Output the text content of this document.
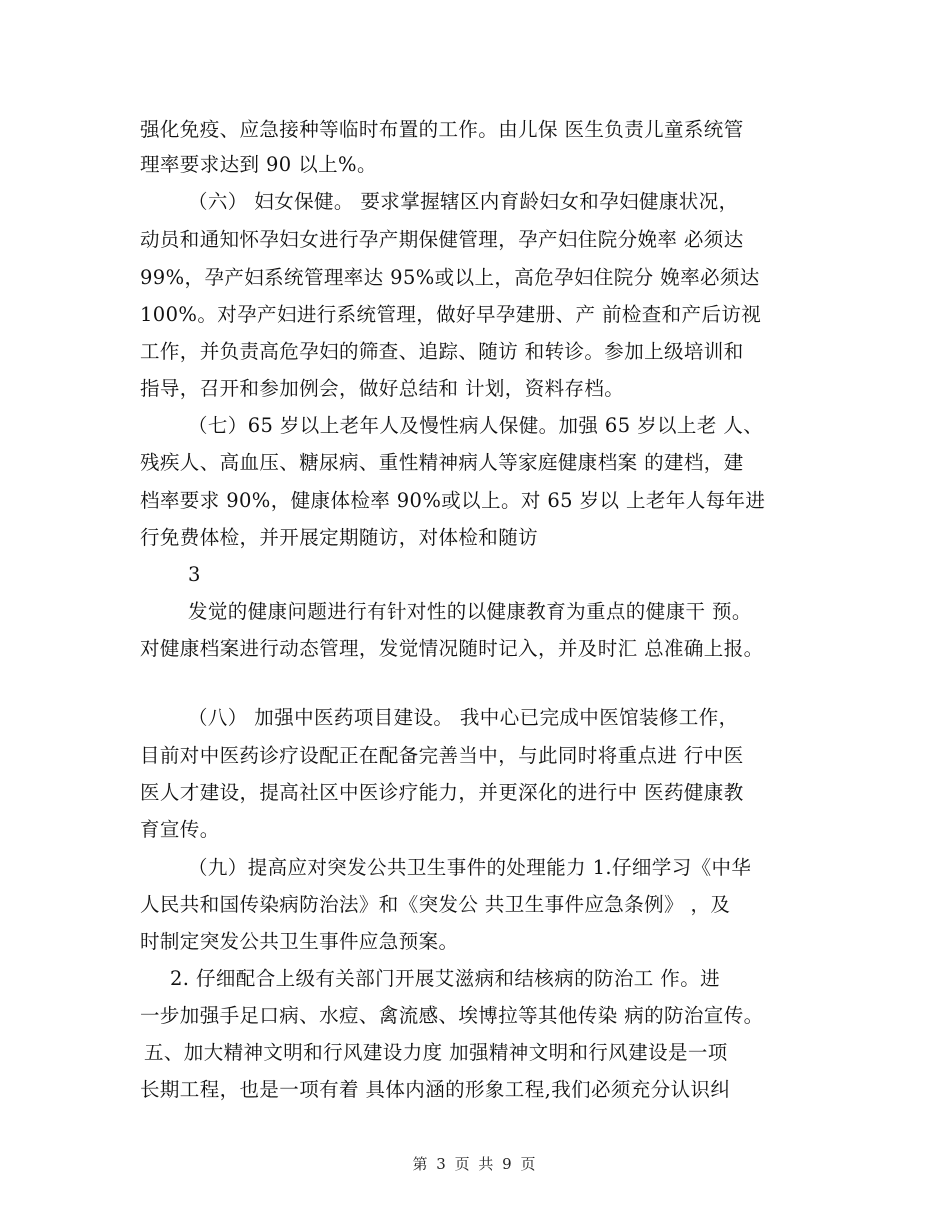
强化免疫、应急接种等临时布置的工作。由儿保 医生负责儿童系统管
理率要求达到 90 以上%。
（六） 妇女保健。 要求掌握辖区内育龄妇女和孕妇健康状况，
动员和通知怀孕妇女进行孕产期保健管理，孕产妇住院分娩率 必须达
99%，孕产妇系统管理率达 95%或以上，高危孕妇住院分 娩率必须达
100%。对孕产妇进行系统管理，做好早孕建册、产 前检查和产后访视
工作，并负责高危孕妇的筛查、追踪、随访 和转诊。参加上级培训和
指导，召开和参加例会，做好总结和 计划，资料存档。
（七）65 岁以上老年人及慢性病人保健。加强 65 岁以上老 人、
残疾人、高血压、糖尿病、重性精神病人等家庭健康档案 的建档，建
档率要求 90%，健康体检率 90%或以上。对 65 岁以 上老年人每年进
行免费体检，并开展定期随访，对体检和随访
3
发觉的健康问题进行有针对性的以健康教育为重点的健康干 预。
对健康档案进行动态管理，发觉情况随时记入，并及时汇 总准确上报。
（八） 加强中医药项目建设。 我中心已完成中医馆装修工作，
目前对中医药诊疗设配正在配备完善当中，与此同时将重点进 行中医
医人才建设，提高社区中医诊疗能力，并更深化的进行中 医药健康教
育宣传。
（九）提高应对突发公共卫生事件的处理能力 1.仔细学习《中华
人民共和国传染病防治法》和《突发公 共卫生事件应急条例》 ，及
时制定突发公共卫生事件应急预案。
2. 仔细配合上级有关部门开展艾滋病和结核病的防治工 作。进
一步加强手足口病、水痘、禽流感、埃博拉等其他传染 病的防治宣传。
五、加大精神文明和行风建设力度 加强精神文明和行风建设是一项
长期工程，也是一项有着 具体内涵的形象工程,我们必须充分认识纠
第 3 页 共 9 页
